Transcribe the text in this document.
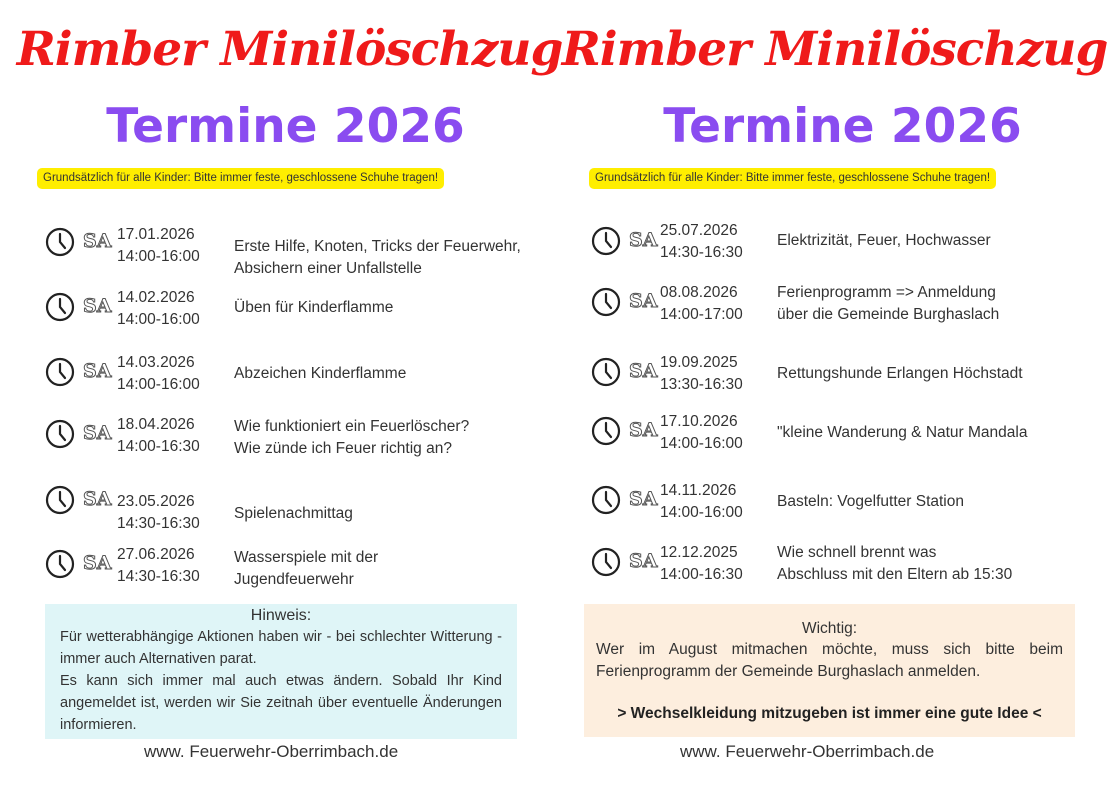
Rimber Minilöschzug
Termine 2026
Grundsätzlich für alle Kinder: Bitte immer feste, geschlossene Schuhe tragen!
SA 17.01.2026
14:00-16:00
Erste Hilfe, Knoten, Tricks der Feuerwehr,
Absichern einer Unfallstelle
SA 14.02.2026
14:00-16:00
Üben für Kinderflamme
SA 14.03.2026
14:00-16:00
Abzeichen Kinderflamme
SA 18.04.2026
14:00-16:30
Wie funktioniert ein Feuerlöscher?
Wie zünde ich Feuer richtig an?
SA 23.05.2026
14:30-16:30
Spielenachmittag
SA 27.06.2026
14:30-16:30
Wasserspiele mit der
Jugendfeuerwehr
Hinweis:
Für wetterabhängige Aktionen haben wir - bei schlechter Witterung - immer auch Alternativen parat.
Es kann sich immer mal auch etwas ändern. Sobald Ihr Kind angemeldet ist, werden wir Sie zeitnah über eventuelle Änderungen informieren.
www. Feuerwehr-Oberrimbach.de
Rimber Minilöschzug
Termine 2026
Grundsätzlich für alle Kinder: Bitte immer feste, geschlossene Schuhe tragen!
SA 25.07.2026
14:30-16:30
Elektrizität, Feuer, Hochwasser
SA 08.08.2026
14:00-17:00
Ferienprogramm => Anmeldung
über die Gemeinde Burghaslach
SA 19.09.2025
13:30-16:30
Rettungshunde Erlangen Höchstadt
SA 17.10.2026
14:00-16:00
"kleine Wanderung & Natur Mandala
SA 14.11.2026
14:00-16:00
Basteln: Vogelfutter Station
SA 12.12.2025
14:00-16:30
Wie schnell brennt was
Abschluss mit den Eltern ab 15:30
Wichtig:
Wer im August mitmachen möchte, muss sich bitte beim Ferienprogramm der Gemeinde Burghaslach anmelden.
> Wechselkleidung mitzugeben ist immer eine gute Idee <
www. Feuerwehr-Oberrimbach.de
